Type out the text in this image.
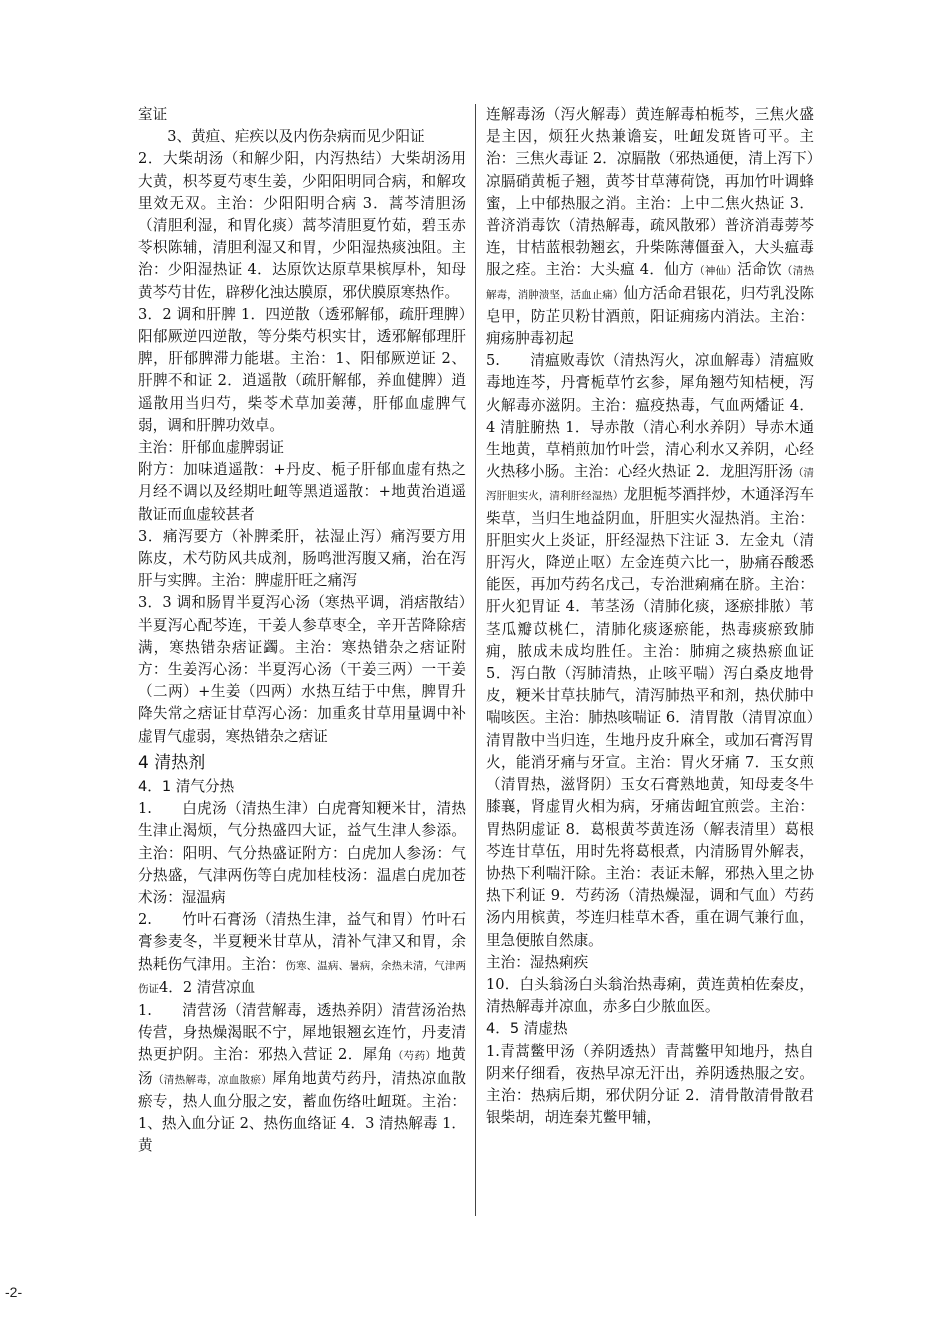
室证

　　3、黄疸、疟疾以及内伤杂病而见少阳证

2．大柴胡汤（和解少阳，内泻热结）大柴胡汤用大黄，枳芩夏芍枣生姜，少阳阳明同合病，和解攻里效无双。主治：少阳阳明合病 3．蒿芩清胆汤（清胆利湿，和胃化痰）蒿芩清胆夏竹茹，碧玉赤苓枳陈辅，清胆利湿又和胃，少阳湿热痰浊阻。主治：少阳湿热证 4．达原饮达原草果槟厚朴，知母黄芩芍甘佐，辟秽化浊达膜原，邪伏膜原寒热作。

3．2 调和肝脾 1．四逆散（透邪解郁，疏肝理脾）阳郁厥逆四逆散，等分柴芍枳实甘，透邪解郁理肝脾，肝郁脾滞力能堪。主治：1、阳郁厥逆证 2、肝脾不和证 2．逍遥散（疏肝解郁，养血健脾）逍遥散用当归芍，柴苓术草加姜薄，肝郁血虚脾气弱，调和肝脾功效卓。

主治：肝郁血虚脾弱证

附方：加味逍遥散：+丹皮、栀子肝郁血虚有热之月经不调以及经期吐衄等黑逍遥散：+地黄治逍遥散证而血虚较甚者

3．痛泻要方（补脾柔肝，祛湿止泻）痛泻要方用陈皮，术芍防风共成剂，肠鸣泄泻腹又痛，治在泻肝与实脾。主治：脾虚肝旺之痛泻

3．3 调和肠胃半夏泻心汤（寒热平调，消痞散结）半夏泻心配芩连，干姜人参草枣全，辛开苦降除痞满，寒热错杂痞证蠲。主治：寒热错杂之痞证附方：生姜泻心汤：半夏泻心汤（干姜三两）一干姜（二两）+生姜（四两）水热互结于中焦，脾胃升降失常之痞证甘草泻心汤：加重炙甘草用量调中补虚胃气虚弱，寒热错杂之痞证

4 清热剂

4．1 清气分热

1.　　白虎汤（清热生津）白虎膏知粳米甘，清热生津止渴烦，气分热盛四大证，益气生津人参添。主治：阳明、气分热盛证附方：白虎加人参汤：气分热盛，气津两伤等白虎加桂枝汤：温虐白虎加苍术汤：湿温病

2.　　竹叶石膏汤（清热生津，益气和胃）竹叶石膏参麦冬，半夏粳米甘草从，清补气津又和胃，余热耗伤气津用。主治：伤寒、温病、暑病，余热未清，气津两伤证4．2 清营凉血

1.　　清营汤（清营解毒，透热养阴）清营汤治热传营，身热燥渴眠不宁，犀地银翘玄连竹，丹麦清热更护阴。主治：邪热入营证 2．犀角（芍药）地黄汤（清热解毒，凉血散瘀）犀角地黄芍药丹，清热凉血散瘀专，热人血分服之安，蓄血伤络吐衄斑。主治：1、热入血分证 2、热伤血络证 4．3 清热解毒 1．黄

连解毒汤（泻火解毒）黄连解毒柏栀芩，三焦火盛是主因，烦狂火热兼谵妄，吐衄发斑皆可平。主治：三焦火毒证 2．凉膈散（邪热通便，清上泻下）凉膈硝黄栀子翘，黄芩甘草薄荷饶，再加竹叶调蜂蜜，上中郁热服之消。主治：上中二焦火热证 3．普济消毒饮（清热解毒，疏风散邪）普济消毒蒡芩连，甘桔蓝根勃翘玄，升柴陈薄僵蚕入，大头瘟毒服之痊。主治：大头瘟 4．仙方（神仙）活命饮（清热解毒，消肿溃坚，活血止痛）仙方活命君银花，归芍乳没陈皂甲，防芷贝粉甘酒煎，阳证痈疡内消法。主治：痈疡肿毒初起

5.　　清瘟败毒饮（清热泻火，凉血解毒）清瘟败毒地连芩，丹膏栀草竹玄参，犀角翘芍知桔梗，泻火解毒亦滋阴。主治：瘟疫热毒，气血两燔证 4．4 清脏腑热 1．导赤散（清心利水养阴）导赤木通生地黄，草梢煎加竹叶尝，清心利水又养阴，心经火热移小肠。主治：心经火热证 2．龙胆泻肝汤（清泻肝胆实火，清利肝经湿热）龙胆栀芩酒拌炒，木通泽泻车柴草，当归生地益阴血，肝胆实火湿热消。主治：肝胆实火上炎证，肝经湿热下注证 3．左金丸（清肝泻火，降逆止呕）左金连萸六比一，胁痛吞酸悉能医，再加芍药名戊己，专治泄痢痛在脐。主治：肝火犯胃证 4．苇茎汤（清肺化痰，逐瘀排脓）苇茎瓜瓣苡桃仁，清肺化痰逐瘀能，热毒痰瘀致肺痈，脓成未成均胜任。主治：肺痈之痰热瘀血证 5．泻白散（泻肺清热，止咳平喘）泻白桑皮地骨皮，粳米甘草扶肺气，清泻肺热平和剂，热伏肺中喘咳医。主治：肺热咳喘证 6．清胃散（清胃凉血）清胃散中当归连，生地丹皮升麻全，或加石膏泻胃火，能消牙痛与牙宣。主治：胃火牙痛 7．玉女煎（清胃热，滋肾阴）玉女石膏熟地黄，知母麦冬牛膝襄，肾虚胃火相为病，牙痛齿衄宜煎尝。主治：胃热阴虚证 8．葛根黄芩黄连汤（解表清里）葛根芩连甘草伍，用时先将葛根煮，内清肠胃外解表，协热下利喘汗除。主治：表证未解，邪热入里之协热下利证 9．芍药汤（清热燥湿，调和气血）芍药汤内用槟黄，芩连归桂草木香，重在调气兼行血，里急便脓自然康。

主治：湿热痢疾

10．白头翁汤白头翁治热毒痢，黄连黄柏佐秦皮，清热解毒并凉血，赤多白少脓血医。

4．5 清虚热

1.青蒿鳖甲汤（养阴透热）青蒿鳖甲知地丹，热自阴来仔细看，夜热早凉无汗出，养阴透热服之安。主治：热病后期，邪伏阴分证 2．清骨散清骨散君银柴胡，胡连秦艽鳖甲辅，

-2-
